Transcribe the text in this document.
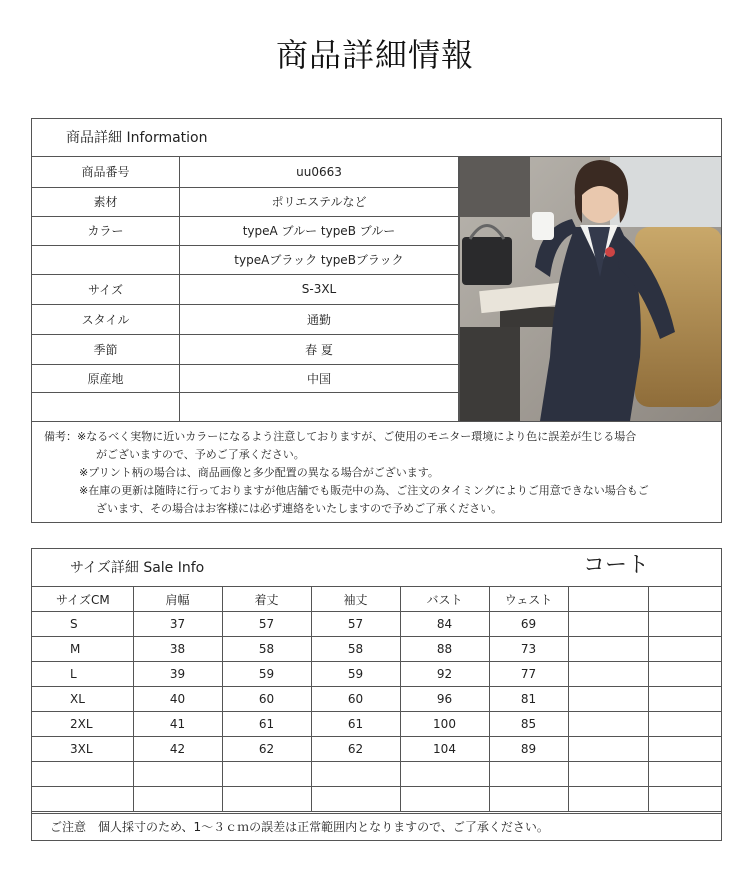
商品詳細情報
商品詳細 Information
商品番号	uu0663
素材	ポリエステルなど
カラー	typeA ブルー typeB ブルー
	typeAブラック typeBブラック
サイズ	S-3XL
スタイル	通勤
季節	春 夏
原産地	中国

備考：※なるべく実物に近いカラーになるよう注意しておりますが、ご使用のモニター環境により色に誤差が生じる場合
がございますので、予めご了承ください。
※プリント柄の場合は、商品画像と多少配置の異なる場合がございます。
※在庫の更新は随時に行っておりますが他店舗でも販売中の為、ご注文のタイミングによりご用意できない場合もご
ざいます、その場合はお客様には必ず連絡をいたしますので予めご了承ください。
サイズ詳細 Sale Info	コート
サイズCM	肩幅	着丈	袖丈	バスト	ウェスト		
S	37	57	57	84	69		
M	38	58	58	88	73		
L	39	59	59	92	77		
XL	40	60	60	96	81		
2XL	41	61	61	100	85		
3XL	42	62	62	104	89		

ご注意　個人採寸のため、1～３ｃｍの誤差は正常範囲内となりますので、ご了承ください。
